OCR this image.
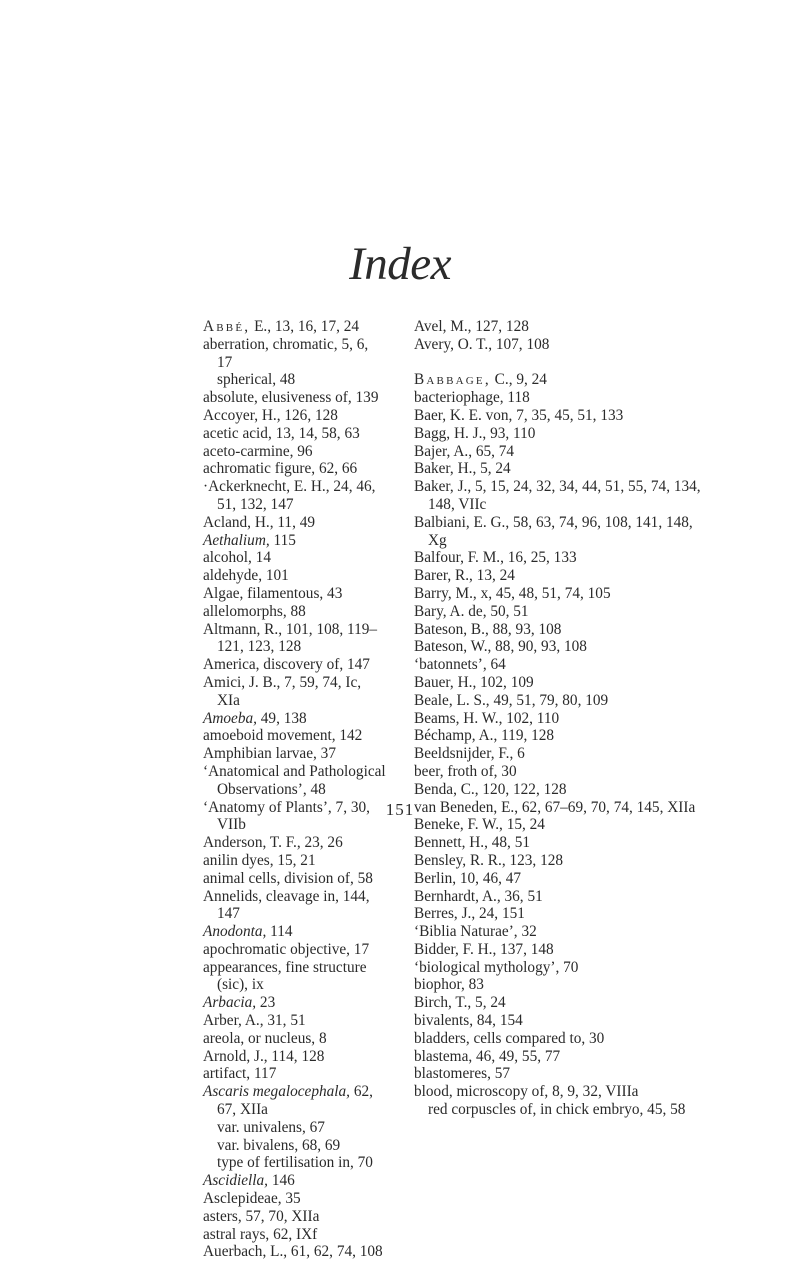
Index
Abbé, E., 13, 16, 17, 24
aberration, chromatic, 5, 6, 17
spherical, 48
absolute, elusiveness of, 139
Accoyer, H., 126, 128
acetic acid, 13, 14, 58, 63
aceto-carmine, 96
achromatic figure, 62, 66
·Ackerknecht, E. H., 24, 46, 51, 132, 147
Acland, H., 11, 49
Aethalium, 115
alcohol, 14
aldehyde, 101
Algae, filamentous, 43
allelomorphs, 88
Altmann, R., 101, 108, 119–121, 123, 128
America, discovery of, 147
Amici, J. B., 7, 59, 74, Ic, XIa
Amoeba, 49, 138
amoeboid movement, 142
Amphibian larvae, 37
‘Anatomical and Pathological Observations’, 48
‘Anatomy of Plants’, 7, 30, VIIb
Anderson, T. F., 23, 26
anilin dyes, 15, 21
animal cells, division of, 58
Annelids, cleavage in, 144, 147
Anodonta, 114
apochromatic objective, 17
appearances, fine structure (sic), ix
Arbacia, 23
Arber, A., 31, 51
areola, or nucleus, 8
Arnold, J., 114, 128
artifact, 117
Ascaris megalocephala, 62, 67, XIIa
var. univalens, 67
var. bivalens, 68, 69
type of fertilisation in, 70
Ascidiella, 146
Asclepideae, 35
asters, 57, 70, XIIa
astral rays, 62, IXf
Auerbach, L., 61, 62, 74, 108
Avel, M., 127, 128
Avery, O. T., 107, 108
Babbage, C., 9, 24
bacteriophage, 118
Baer, K. E. von, 7, 35, 45, 51, 133
Bagg, H. J., 93, 110
Bajer, A., 65, 74
Baker, H., 5, 24
Baker, J., 5, 15, 24, 32, 34, 44, 51, 55, 74, 134, 148, VIIc
Balbiani, E. G., 58, 63, 74, 96, 108, 141, 148, Xg
Balfour, F. M., 16, 25, 133
Barer, R., 13, 24
Barry, M., x, 45, 48, 51, 74, 105
Bary, A. de, 50, 51
Bateson, B., 88, 93, 108
Bateson, W., 88, 90, 93, 108
‘batonnets’, 64
Bauer, H., 102, 109
Beale, L. S., 49, 51, 79, 80, 109
Beams, H. W., 102, 110
Béchamp, A., 119, 128
Beeldsnijder, F., 6
beer, froth of, 30
Benda, C., 120, 122, 128
van Beneden, E., 62, 67–69, 70, 74, 145, XIIa
Beneke, F. W., 15, 24
Bennett, H., 48, 51
Bensley, R. R., 123, 128
Berlin, 10, 46, 47
Bernhardt, A., 36, 51
Berres, J., 24, 151
‘Biblia Naturae’, 32
Bidder, F. H., 137, 148
‘biological mythology’, 70
biophor, 83
Birch, T., 5, 24
bivalents, 84, 154
bladders, cells compared to, 30
blastema, 46, 49, 55, 77
blastomeres, 57
blood, microscopy of, 8, 9, 32, VIIIa
red corpuscles of, in chick embryo, 45, 58
151
